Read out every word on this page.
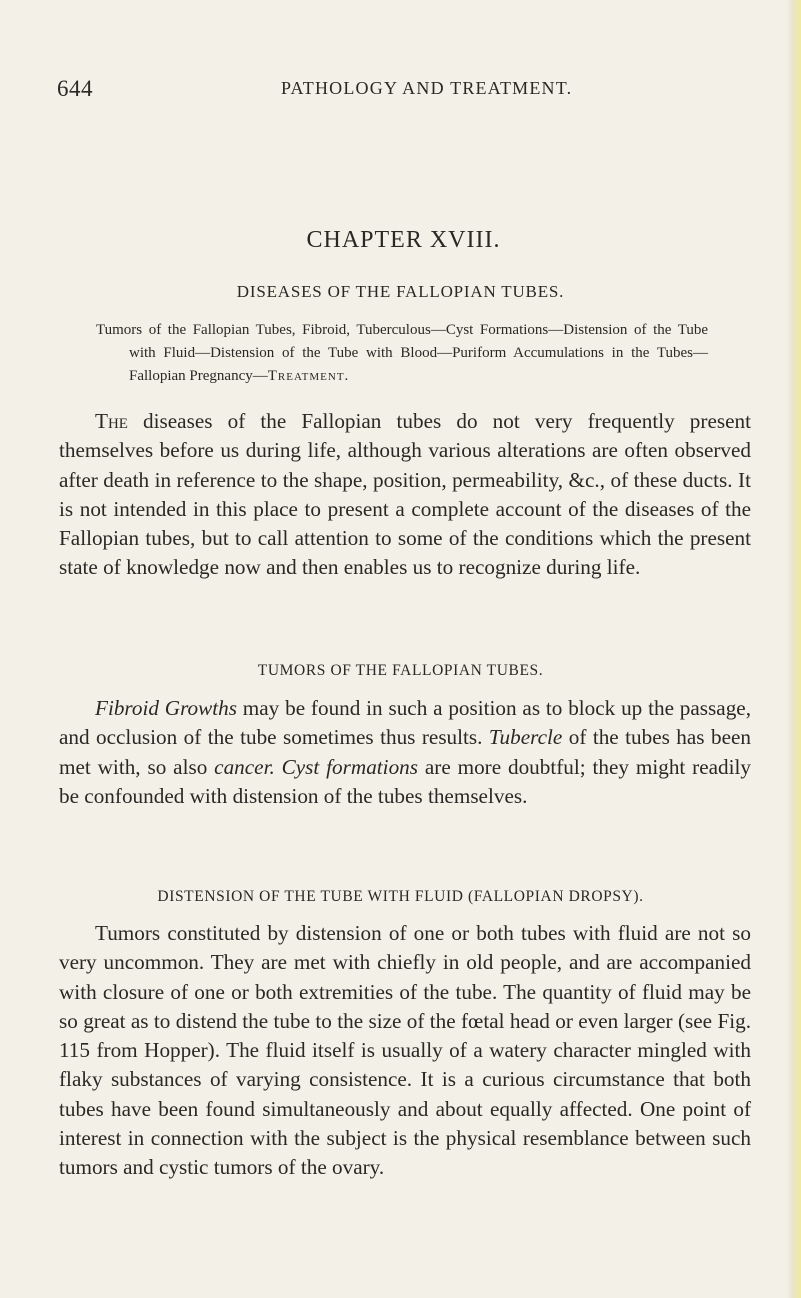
644	PATHOLOGY AND TREATMENT.
CHAPTER XVIII.
DISEASES OF THE FALLOPIAN TUBES.
Tumors of the Fallopian Tubes, Fibroid, Tuberculous—Cyst Formations—Distension of the Tube with Fluid—Distension of the Tube with Blood—Puriform Accumulations in the Tubes—Fallopian Pregnancy—Treatment.
The diseases of the Fallopian tubes do not very frequently present themselves before us during life, although various alterations are often observed after death in reference to the shape, position, permeability, &c., of these ducts. It is not intended in this place to present a complete account of the diseases of the Fallopian tubes, but to call attention to some of the conditions which the present state of knowledge now and then enables us to recognize during life.
TUMORS OF THE FALLOPIAN TUBES.
Fibroid Growths may be found in such a position as to block up the passage, and occlusion of the tube sometimes thus results. Tubercle of the tubes has been met with, so also cancer. Cyst formations are more doubtful; they might readily be confounded with distension of the tubes themselves.
DISTENSION OF THE TUBE WITH FLUID (FALLOPIAN DROPSY).
Tumors constituted by distension of one or both tubes with fluid are not so very uncommon. They are met with chiefly in old people, and are accompanied with closure of one or both extremities of the tube. The quantity of fluid may be so great as to distend the tube to the size of the fœtal head or even larger (see Fig. 115 from Hopper). The fluid itself is usually of a watery character mingled with flaky substances of varying consistence. It is a curious circumstance that both tubes have been found simultaneously and about equally affected. One point of interest in connection with the subject is the physical resemblance between such tumors and cystic tumors of the ovary.
